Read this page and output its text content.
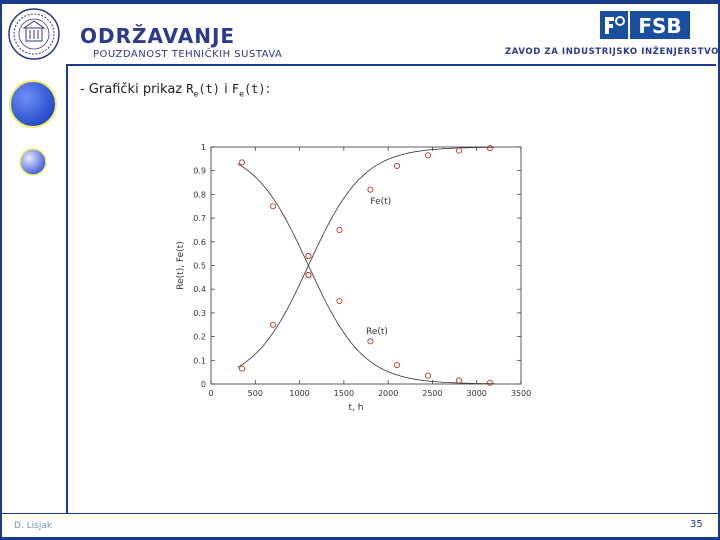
ODRŽAVANJE
POUZDANOST TEHNIČKIH SUSTAVA
FSB
ZAVOD ZA INDUSTRIJSKO INŽENJERSTVO
- Grafički prikaz $R_e(t)$ i $F_e(t)$:
0	500	1000	1500	2000	2500	3000	3500
0
0.1
0.2
0.3
0.4
0.5
0.6
0.7
0.8
0.9
1
t, h
Re(t), Fe(t)
Fe(t)
Re(t)
D. Lisjak	35
